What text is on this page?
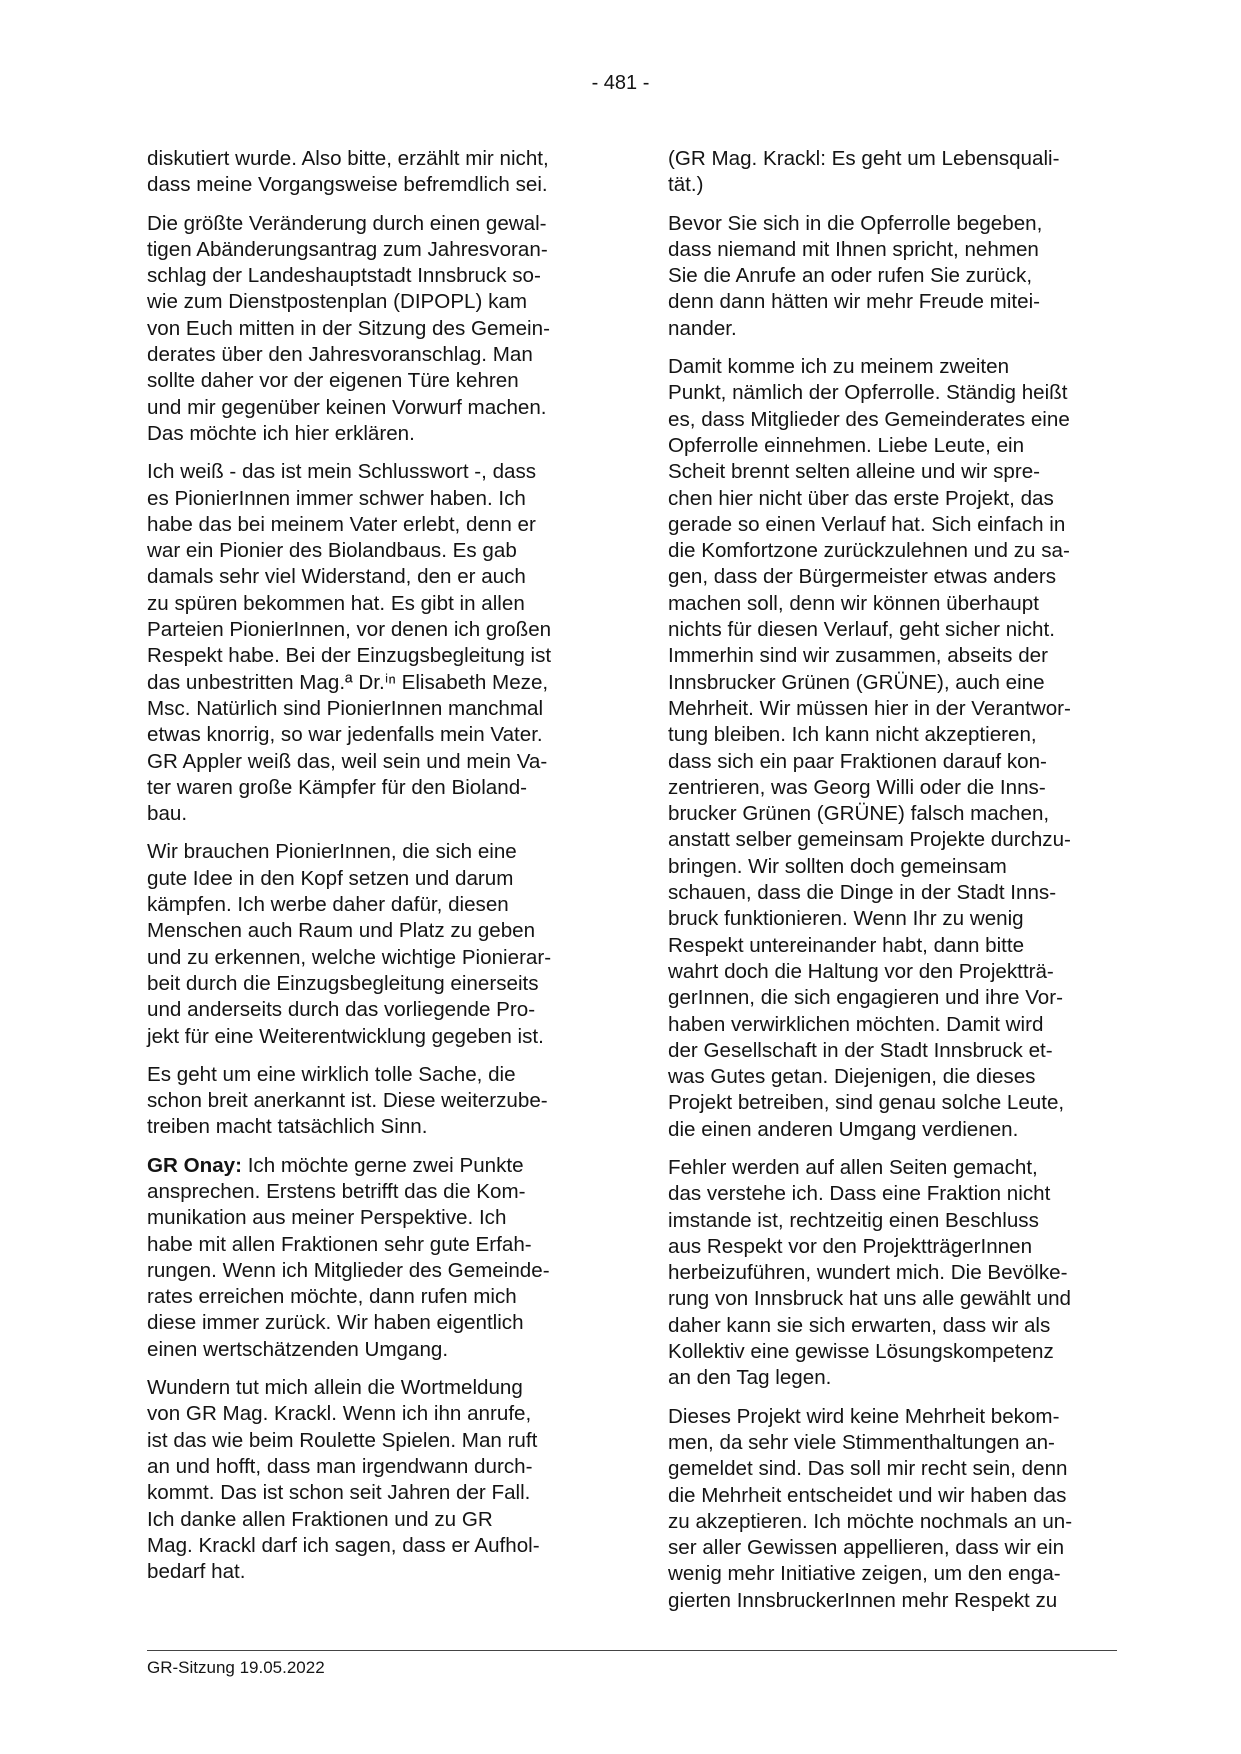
- 481 -

diskutiert wurde. Also bitte, erzählt mir nicht,
dass meine Vorgangsweise befremdlich sei.

Die größte Veränderung durch einen gewal-
tigen Abänderungsantrag zum Jahresvoran-
schlag der Landeshauptstadt Innsbruck so-
wie zum Dienstpostenplan (DIPOPL) kam
von Euch mitten in der Sitzung des Gemein-
derates über den Jahresvoranschlag. Man
sollte daher vor der eigenen Türe kehren
und mir gegenüber keinen Vorwurf machen.
Das möchte ich hier erklären.

Ich weiß - das ist mein Schlusswort -, dass
es PionierInnen immer schwer haben. Ich
habe das bei meinem Vater erlebt, denn er
war ein Pionier des Biolandbaus. Es gab
damals sehr viel Widerstand, den er auch
zu spüren bekommen hat. Es gibt in allen
Parteien PionierInnen, vor denen ich großen
Respekt habe. Bei der Einzugsbegleitung ist
das unbestritten Mag.ª Dr.ⁱⁿ Elisabeth Meze,
Msc. Natürlich sind PionierInnen manchmal
etwas knorrig, so war jedenfalls mein Vater.
GR Appler weiß das, weil sein und mein Va-
ter waren große Kämpfer für den Bioland-
bau.

Wir brauchen PionierInnen, die sich eine
gute Idee in den Kopf setzen und darum
kämpfen. Ich werbe daher dafür, diesen
Menschen auch Raum und Platz zu geben
und zu erkennen, welche wichtige Pionierar-
beit durch die Einzugsbegleitung einerseits
und anderseits durch das vorliegende Pro-
jekt für eine Weiterentwicklung gegeben ist.

Es geht um eine wirklich tolle Sache, die
schon breit anerkannt ist. Diese weiterzube-
treiben macht tatsächlich Sinn.

GR Onay: Ich möchte gerne zwei Punkte
ansprechen. Erstens betrifft das die Kom-
munikation aus meiner Perspektive. Ich
habe mit allen Fraktionen sehr gute Erfah-
rungen. Wenn ich Mitglieder des Gemeinde-
rates erreichen möchte, dann rufen mich
diese immer zurück. Wir haben eigentlich
einen wertschätzenden Umgang.

Wundern tut mich allein die Wortmeldung
von GR Mag. Krackl. Wenn ich ihn anrufe,
ist das wie beim Roulette Spielen. Man ruft
an und hofft, dass man irgendwann durch-
kommt. Das ist schon seit Jahren der Fall.
Ich danke allen Fraktionen und zu GR
Mag. Krackl darf ich sagen, dass er Aufhol-
bedarf hat.

(GR Mag. Krackl: Es geht um Lebensquali-
tät.)

Bevor Sie sich in die Opferrolle begeben,
dass niemand mit Ihnen spricht, nehmen
Sie die Anrufe an oder rufen Sie zurück,
denn dann hätten wir mehr Freude mitei-
nander.

Damit komme ich zu meinem zweiten
Punkt, nämlich der Opferrolle. Ständig heißt
es, dass Mitglieder des Gemeinderates eine
Opferrolle einnehmen. Liebe Leute, ein
Scheit brennt selten alleine und wir spre-
chen hier nicht über das erste Projekt, das
gerade so einen Verlauf hat. Sich einfach in
die Komfortzone zurückzulehnen und zu sa-
gen, dass der Bürgermeister etwas anders
machen soll, denn wir können überhaupt
nichts für diesen Verlauf, geht sicher nicht.
Immerhin sind wir zusammen, abseits der
Innsbrucker Grünen (GRÜNE), auch eine
Mehrheit. Wir müssen hier in der Verantwor-
tung bleiben. Ich kann nicht akzeptieren,
dass sich ein paar Fraktionen darauf kon-
zentrieren, was Georg Willi oder die Inns-
brucker Grünen (GRÜNE) falsch machen,
anstatt selber gemeinsam Projekte durchzu-
bringen. Wir sollten doch gemeinsam
schauen, dass die Dinge in der Stadt Inns-
bruck funktionieren. Wenn Ihr zu wenig
Respekt untereinander habt, dann bitte
wahrt doch die Haltung vor den Projektträ-
gerInnen, die sich engagieren und ihre Vor-
haben verwirklichen möchten. Damit wird
der Gesellschaft in der Stadt Innsbruck et-
was Gutes getan. Diejenigen, die dieses
Projekt betreiben, sind genau solche Leute,
die einen anderen Umgang verdienen.

Fehler werden auf allen Seiten gemacht,
das verstehe ich. Dass eine Fraktion nicht
imstande ist, rechtzeitig einen Beschluss
aus Respekt vor den ProjektträgerInnen
herbeizuführen, wundert mich. Die Bevölke-
rung von Innsbruck hat uns alle gewählt und
daher kann sie sich erwarten, dass wir als
Kollektiv eine gewisse Lösungskompetenz
an den Tag legen.

Dieses Projekt wird keine Mehrheit bekom-
men, da sehr viele Stimmenthaltungen an-
gemeldet sind. Das soll mir recht sein, denn
die Mehrheit entscheidet und wir haben das
zu akzeptieren. Ich möchte nochmals an un-
ser aller Gewissen appellieren, dass wir ein
wenig mehr Initiative zeigen, um den enga-
gierten InnsbruckerInnen mehr Respekt zu

GR-Sitzung 19.05.2022
